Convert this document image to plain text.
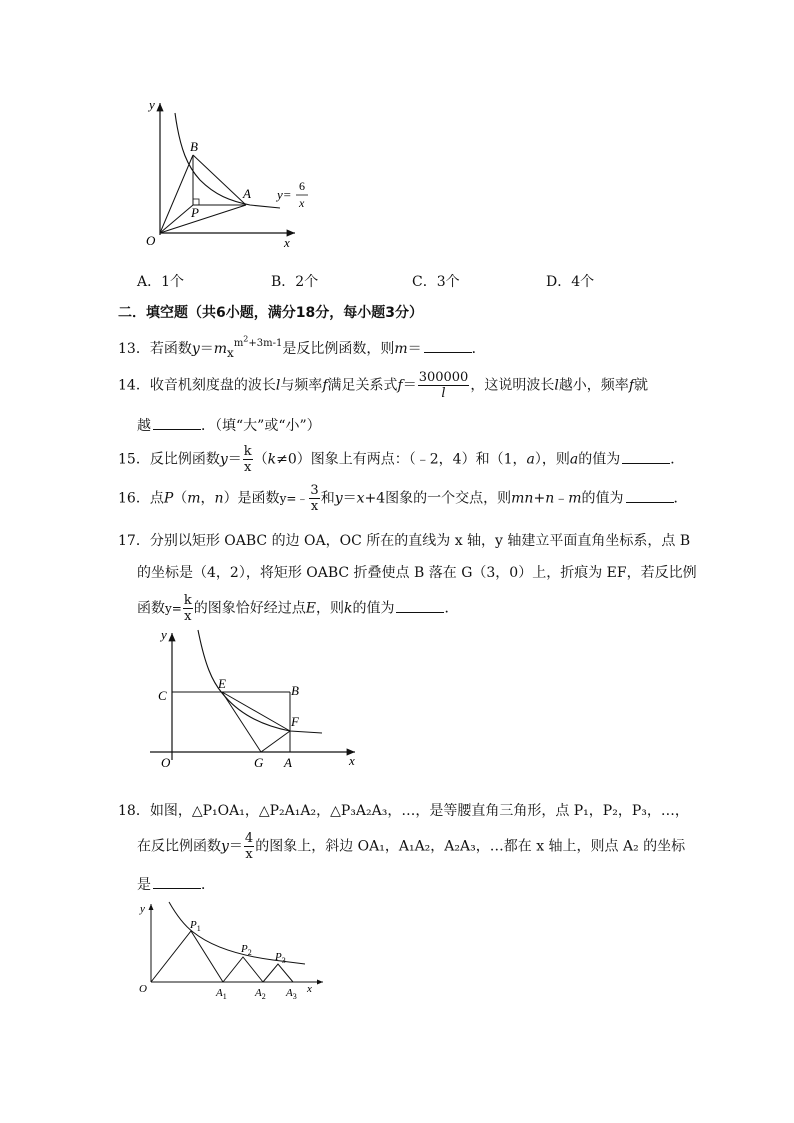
y
x
O
B
A
P
y=
6
x
A．1个	B．2个	C．3个	D．4个
二．填空题（共6小题，满分18分，每小题3分）
13．若函数$y=mx^{m^2+3m-1}$是反比例函数，则m＝	．
14．收音机刻度盘的波长l与频率f满足关系式$f= \frac{300000}{l}$ ，这说明波长l越小，频率f就
越	．（填“大”或“小”）
15．反比例函数$y= \frac{k}{x} (k\ne 0)$图象上有两点：（﹣2，4）和（1，a），则a的值为	．
16．点P（m，n）是函数y=﹣ $\frac{3}{x}$ 和y＝x+4图象的一个交点，则mn+n﹣m的值为	．
17．分别以矩形 OABC 的边 OA，OC 所在的直线为 x 轴，y 轴建立平面直角坐标系，点 B
的坐标是（4，2），将矩形 OABC 折叠使点 B 落在 G（3，0）上，折痕为 EF，若反比例
函数$y= \frac{k}{x}$ 的图象恰好经过点E，则k的值为	．
y
x
O
C
E	B
F
G A
18．如图，△P₁OA₁，△P₂A₁A₂，△P₃A₂A₃，…，是等腰直角三角形，点 P₁，P₂，P₃，…，
在反比例函数$y= \frac{4}{x}$ 的图象上，斜边 OA₁，A₁A₂，A₂A₃，…都在 x 轴上，则点 A₂ 的坐标
是	．
y
x
O
$P_1$
$P_2$ $P_3$
$A_1$	$A_2$ $A_3$
